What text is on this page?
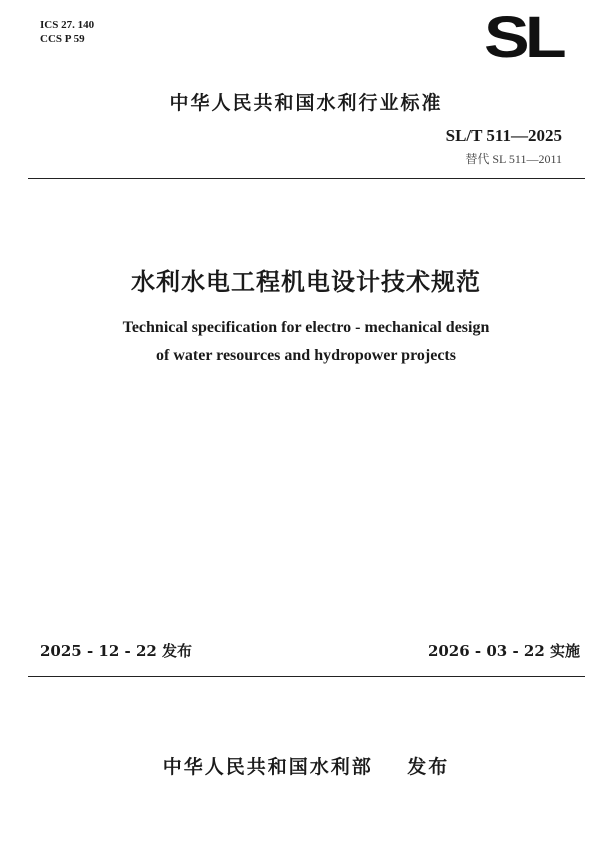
ICS 27. 140
CCS P 59	SL
中华人民共和国水利行业标准
SL/T 511—2025
替代 SL 511—2011
水利水电工程机电设计技术规范
Technical specification for electro - mechanical design
of water resources and hydropower projects
2025 - 12 - 22 发布	2026 - 03 - 22 实施
中华人民共和国水利部    发布
